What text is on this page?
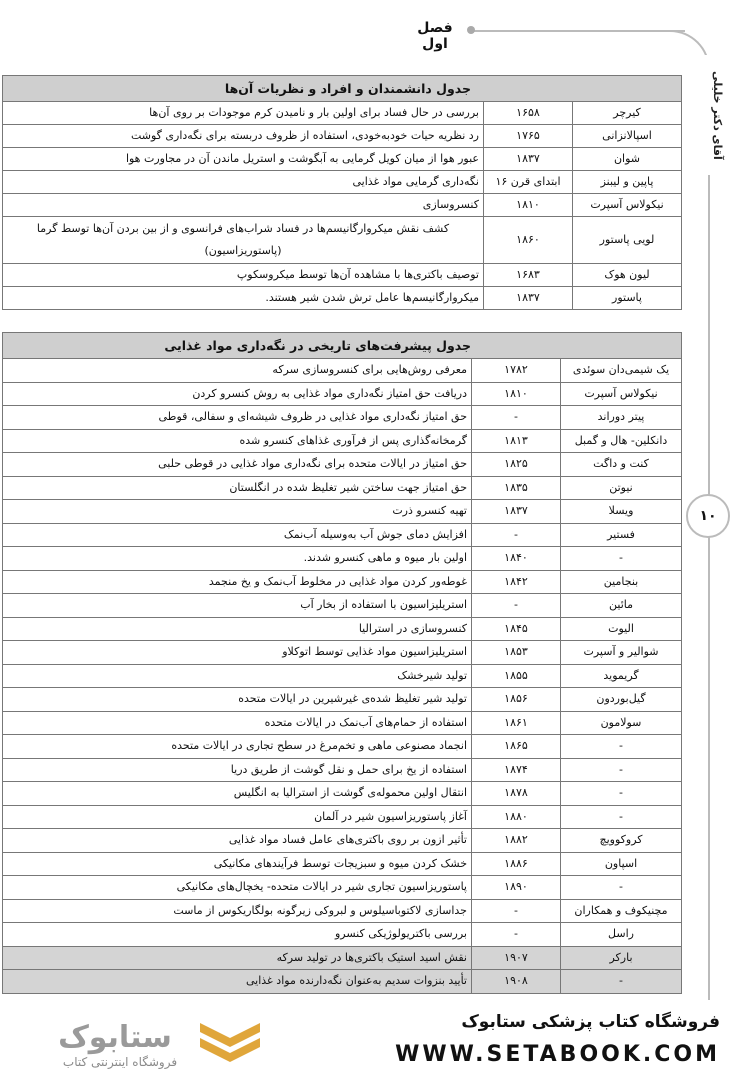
فصل اول
آقای دکتر خلیلی
۱۰
جدول دانشمندان و افراد و نظریات آن‌ها		
کیرچر	۱۶۵۸	بررسی در حال فساد برای اولین بار و نامیدن کرم موجودات بر روی آن‌ها
اسپالانزانی	۱۷۶۵	رد نظریه حیات خودبه‌خودی، استفاده از ظروف دربسته برای نگه‌داری گوشت
شوان	۱۸۳۷	عبور هوا از میان کویل گرمایی به آبگوشت و استریل ماندن آن در مجاورت هوا
پاپین و لیبنز	ابتدای قرن ۱۶	نگه‌داری گرمایی مواد غذایی
نیکولاس آسپرت	۱۸۱۰	کنسروسازی
لویی پاستور	۱۸۶۰	کشف نقش میکروارگانیسم‌ها در فساد شراب‌های فرانسوی و از بین بردن آن‌ها توسط گرما
(پاستوریزاسیون)

لیون هوک	۱۶۸۳	توصیف باکتری‌ها با مشاهده آن‌ها توسط میکروسکوپ
پاستور	۱۸۳۷	میکروارگانیسم‌ها عامل ترش شدن شیر هستند.
جدول پیشرفت‌های تاریخی در نگه‌داری مواد غذایی		
یک شیمی‌دان سوئدی	۱۷۸۲	معرفی روش‌هایی برای کنسروسازی سرکه
نیکولاس آسپرت	۱۸۱۰	دریافت حق امتیاز نگه‌داری مواد غذایی به روش کنسرو کردن
پیتر دوراند	-	حق امتیاز نگه‌داری مواد غذایی در ظروف شیشه‌ای و سفالی، قوطی
دانکلین- هال و گمبل	۱۸۱۳	گرمخانه‌گذاری پس از فرآوری غذاهای کنسرو شده
کنت و داگت	۱۸۲۵	حق امتیاز در ایالات متحده برای نگه‌داری مواد غذایی در قوطی حلبی
نیوتن	۱۸۳۵	حق امتیاز جهت ساختن شیر تغلیظ شده در انگلستان
ویسلا	۱۸۳۷	تهیه کنسرو ذرت
فستیر	-	افزایش دمای جوش آب به‌وسیله آب‌نمک
-	۱۸۴۰	اولین بار میوه و ماهی کنسرو شدند.
بنجامین	۱۸۴۲	غوطه‌ور کردن مواد غذایی در مخلوط آب‌نمک و یخ منجمد
مائین	-	استریلیزاسیون با استفاده از بخار آب
الیوت	۱۸۴۵	کنسروسازی در استرالیا
شوالیر و آسپرت	۱۸۵۳	استریلیزاسیون مواد غذایی توسط اتوکلاو
گریموید	۱۸۵۵	تولید شیرخشک
گیل‌بوردون	۱۸۵۶	تولید شیر تغلیظ شده‌ی غیرشیرین در ایالات متحده
سولامون	۱۸۶۱	استفاده از حمام‌های آب‌نمک در ایالات متحده
-	۱۸۶۵	انجماد مصنوعی ماهی و تخم‌مرغ در سطح تجاری در ایالات متحده
-	۱۸۷۴	استفاده از یخ برای حمل و نقل گوشت از طریق دریا
-	۱۸۷۸	انتقال اولین محموله‌ی گوشت از استرالیا به انگلیس
-	۱۸۸۰	آغاز پاستوریزاسیون شیر در آلمان
کروکوویچ	۱۸۸۲	تأثیر ازون بر روی باکتری‌های عامل فساد مواد غذایی
اسپاون	۱۸۸۶	خشک کردن میوه و سبزیجات توسط فرآیندهای مکانیکی
-	۱۸۹۰	پاستوریزاسیون تجاری شیر در ایالات متحده- یخچال‌های مکانیکی
مچنیکوف و همکاران	-	جداسازی لاکتوباسیلوس و لبروکی زیرگونه بولگاریکوس از ماست
راسل	-	بررسی باکتریولوژیکی کنسرو
بارکر	۱۹۰۷	نقش اسید استیک باکتری‌ها در تولید سرکه
-	۱۹۰۸	تأیید بنزوات سدیم به‌عنوان نگه‌دارنده مواد غذایی
فروشگاه کتاب پزشکی ستابوک
WWW.SETABOOK.COM
ستابوک
فروشگاه اینترنتی کتاب
